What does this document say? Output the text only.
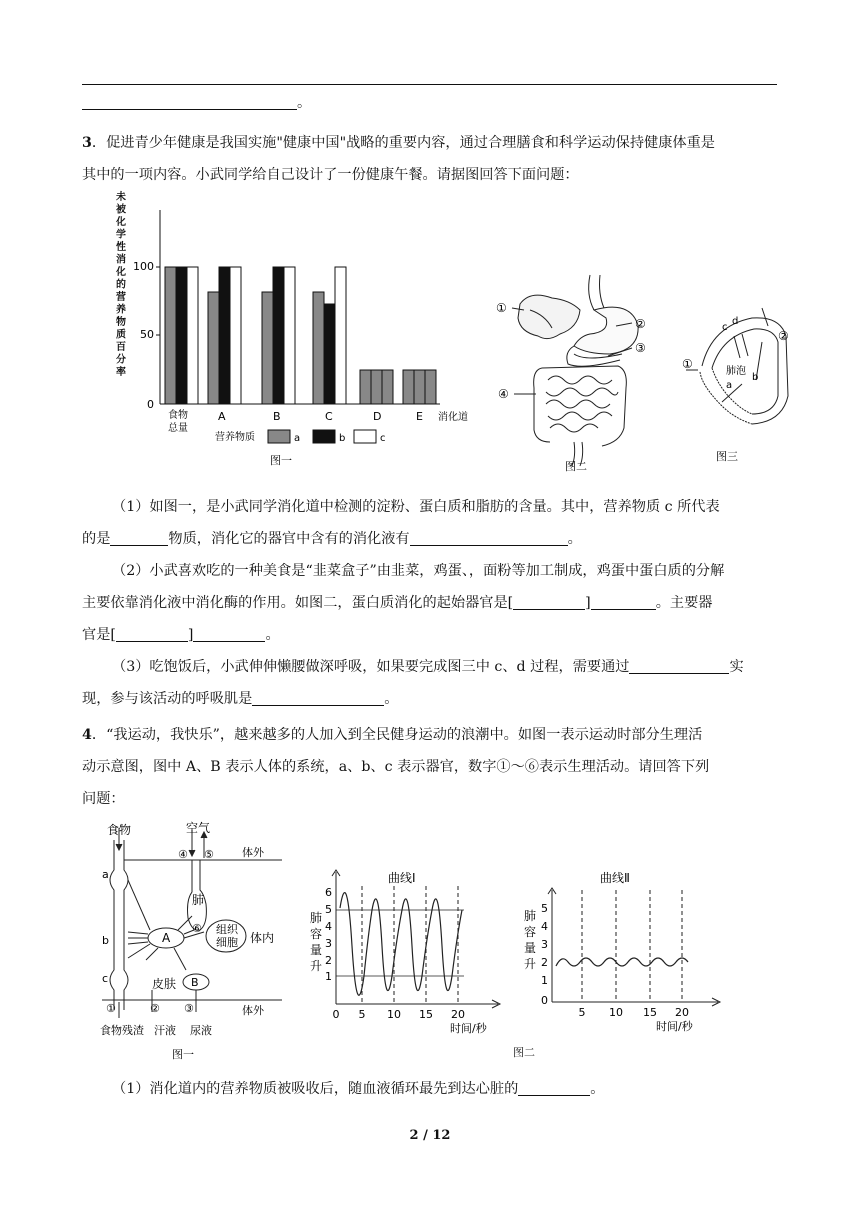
。
3．促进青少年健康是我国实施"健康中国"战略的重要内容，通过合理膳食和科学运动保持健康体重是
其中的一项内容。小武同学给自己设计了一份健康午餐。请据图回答下面问题：
未
被
化
学
性
消
化
的
营
养
物
质
百
分
率
100
50
0
食物
总量
A	B	C	D	E 消化道
营养物质	a	b	c
图一
①
②
③
④
图二
c
d
a
b
肺泡
①
②
图三
（1）如图一，是小武同学消化道中检测的淀粉、蛋白质和脂肪的含量。其中，营养物质 c 所代表
的是	物质，消化它的器官中含有的消化液有	。
（2）小武喜欢吃的一种美食是“韭菜盒子”由韭菜，鸡蛋、，面粉等加工制成，鸡蛋中蛋白质的分解
主要依靠消化液中消化酶的作用。如图二，蛋白质消化的起始器官是[	]	。主要器
官是[	]	。
（3）吃饱饭后，小武伸伸懒腰做深呼吸，如果要完成图三中 c、d 过程，需要通过	实
现，参与该活动的呼吸肌是	。
4．“我运动，我快乐”，越来越多的人加入到全民健身运动的浪潮中。如图一表示运动时部分生理活
动示意图，图中 A、B 表示人体的系统，a、b、c 表示器官，数字①～⑥表示生理活动。请回答下列
问题：
食物	空气
④ ⑤	体外
肺
a
b
c
A
⑥ 组织
细胞 体内
皮肤 B
体外
①	② ③
食物残渣 汗液 尿液
图一
曲线Ⅰ
肺
容
量
升
6
5
4
3
2
1
0 5 10 15 20
时间/秒
曲线Ⅱ
肺
容
量
升
5
4
3
2
1
0
5 10 15 20
时间/秒
图二
（1）消化道内的营养物质被吸收后，随血液循环最先到达心脏的	。
2 / 12
